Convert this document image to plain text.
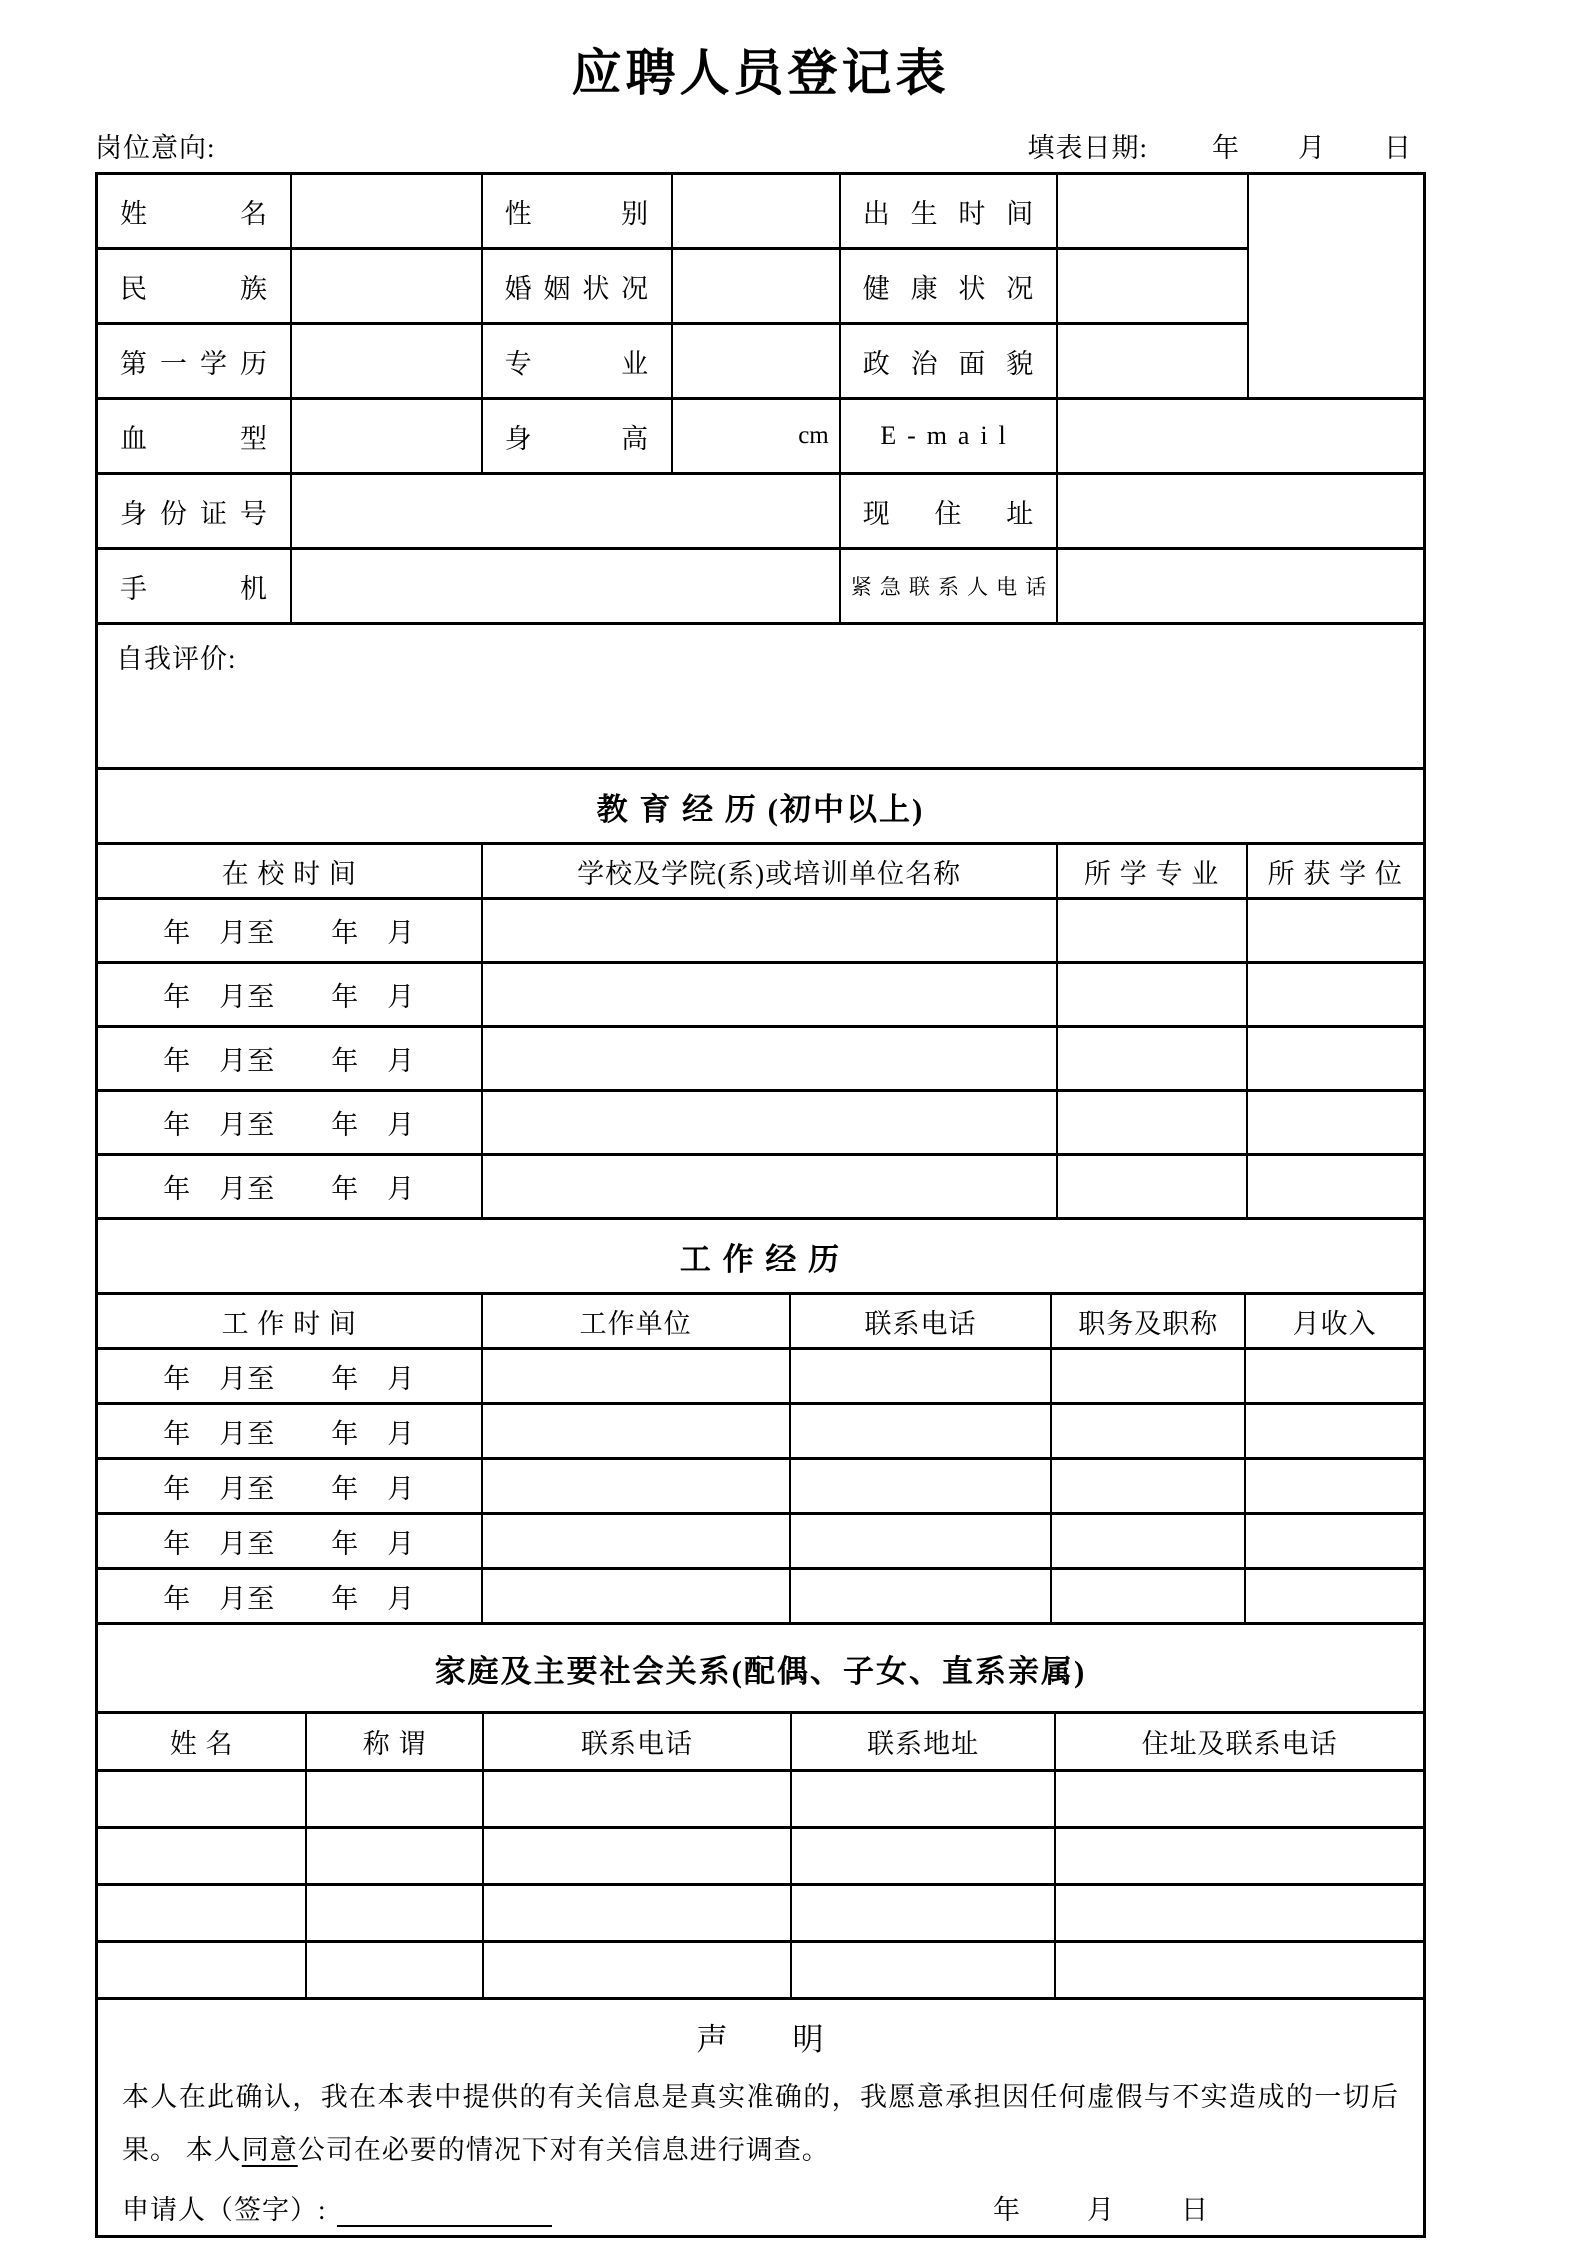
应聘人员登记表
岗位意向:	填表日期: 年 月 日
姓名		性别		出生时间		
民族		婚姻状况		健康状况		
第一学历		专业		政治面貌		
血型		身高	cm	E-mail		
身份证号				现住址		
手机				紧急联系人电话		
自我评价:
教 育 经 历 (初中以上)			
在 校 时 间	学校及学院(系)或培训单位名称	所 学 专 业	所 获 学 位
年　月至　　年　月			
年　月至　　年　月			
年　月至　　年　月			
年　月至　　年　月			
年　月至　　年　月			
工 作 经 历				
工 作 时 间	工作单位	联系电话	职务及职称	月收入
年　月至　　年　月				
年　月至　　年　月				
年　月至　　年　月				
年　月至　　年　月				
年　月至　　年　月				
家庭及主要社会关系(配偶、子女、直系亲属)				
姓 名	称 谓	联系电话	联系地址	住址及联系电话

声　　明
本人在此确认，我在本表中提供的有关信息是真实准确的，我愿意承担因任何虚假与不实造成的一切后果。 本人同意公司在必要的情况下对有关信息进行调查。
申请人（签字）:	年 月 日
